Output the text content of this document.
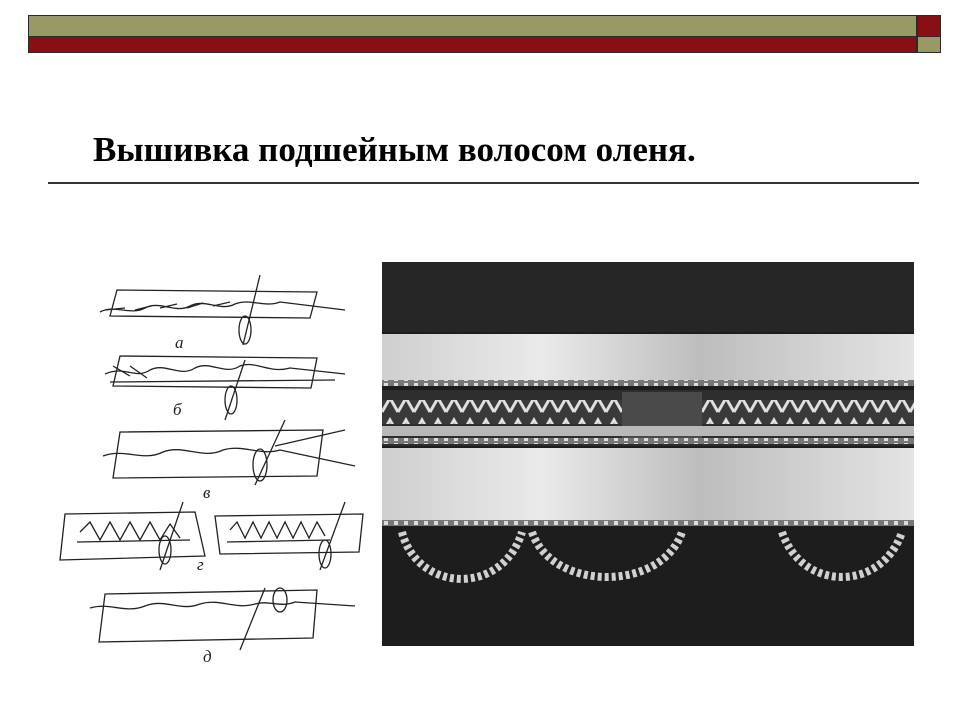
Вышивка подшейным волосом оленя.
а
б
в
г
д
